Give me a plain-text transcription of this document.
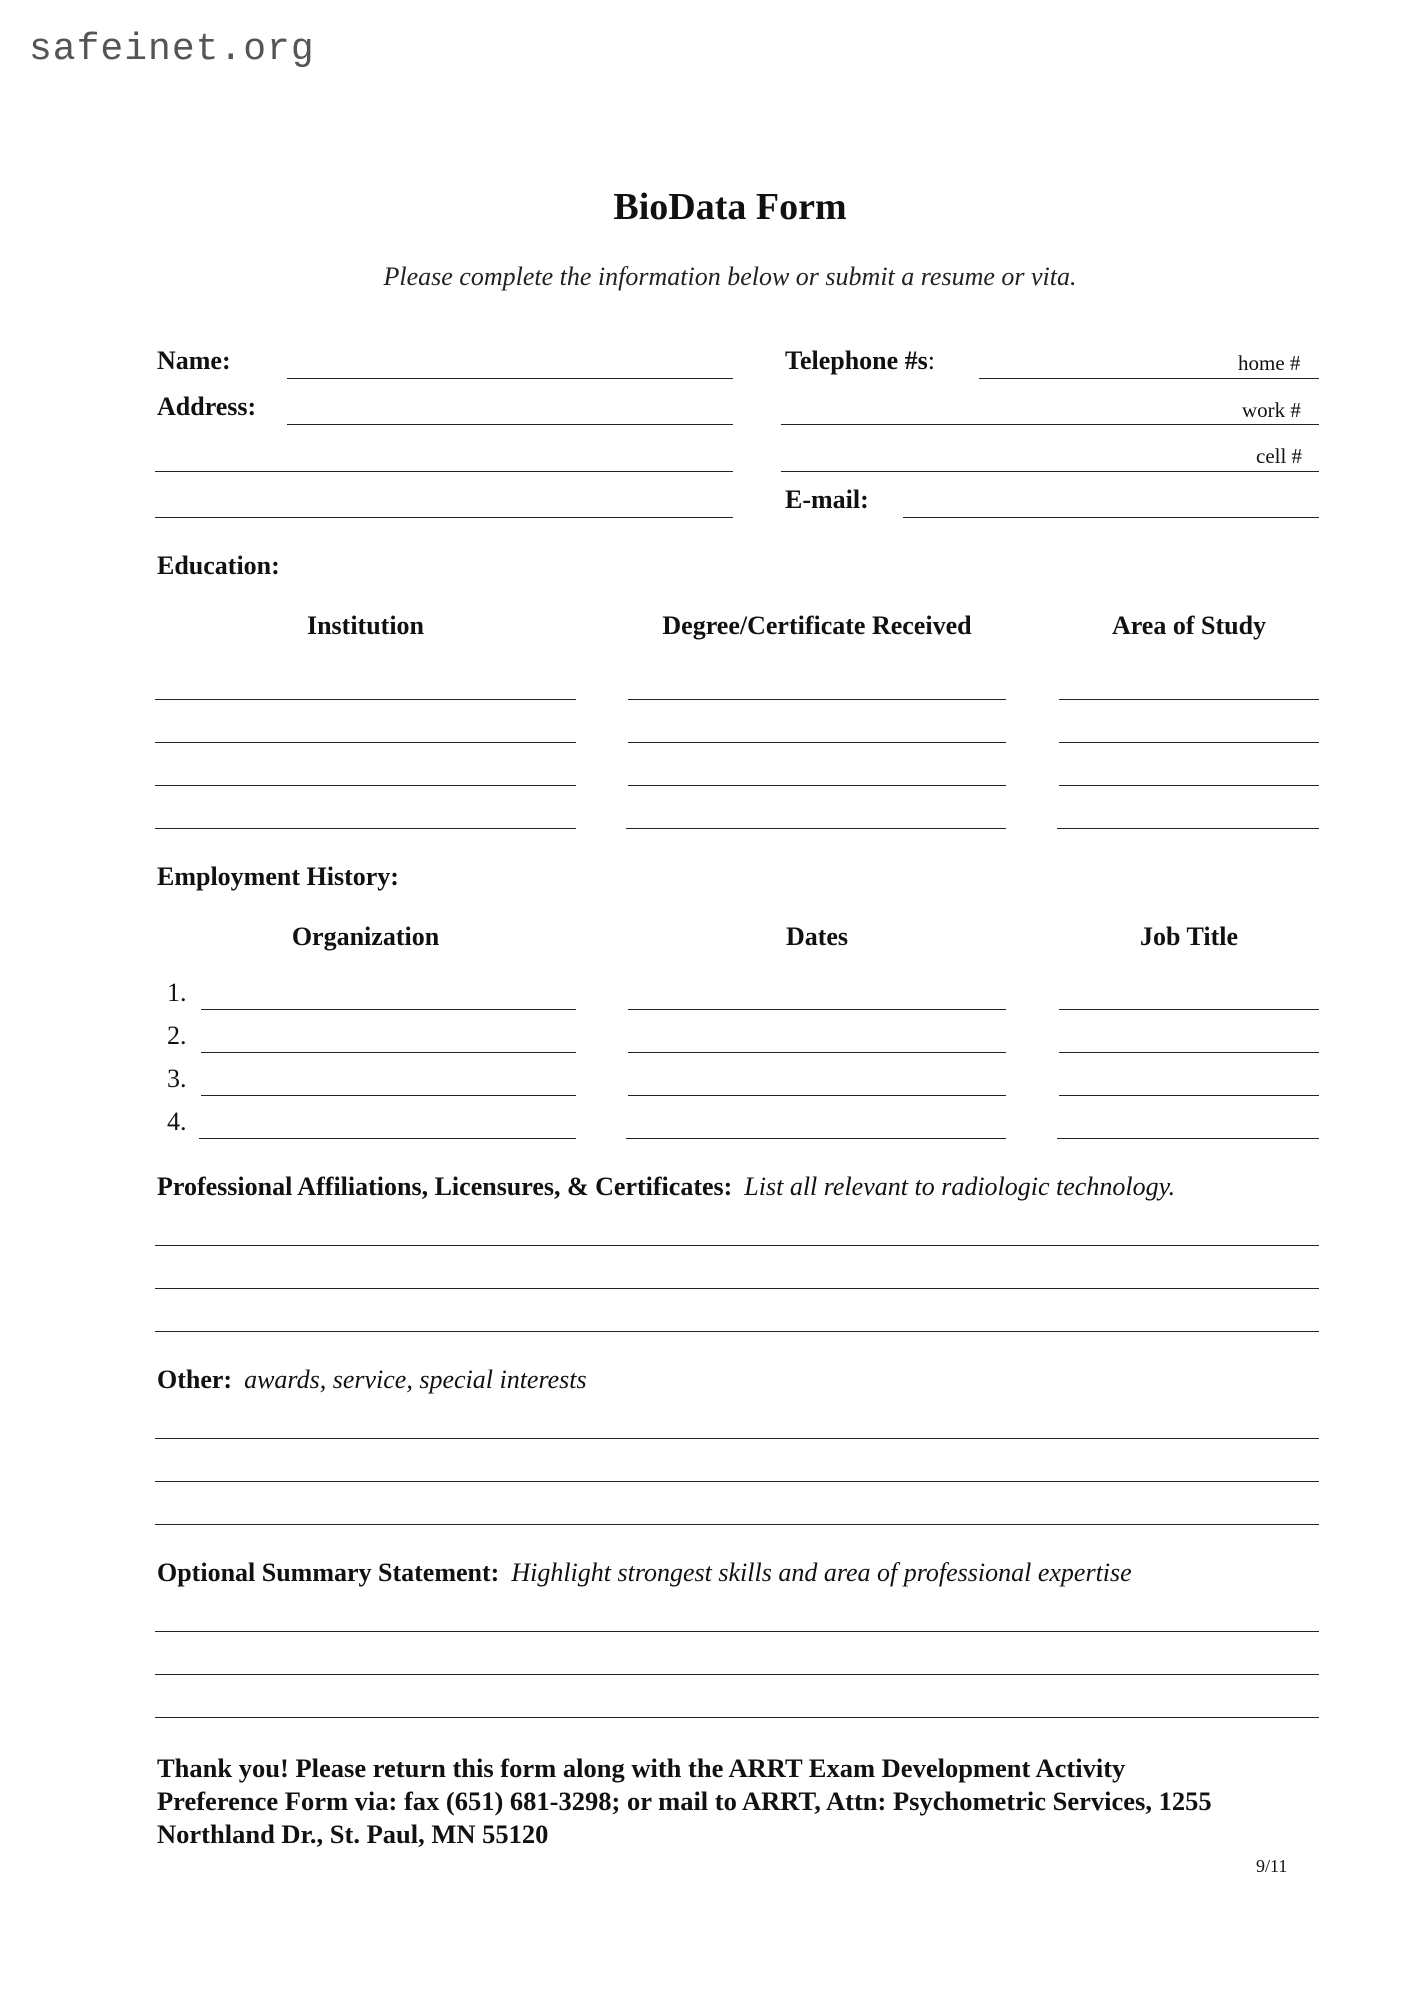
safeinet.org
BioData Form
Please complete the information below or submit a resume or vita.
Name:
Address:
Telephone #s:	home #
work #
cell #
E-mail:
Education:
Institution	Degree/Certificate Received	Area of Study
Employment History:
Organization	Dates	Job Title
1.
2.
3.
4.
Professional Affiliations, Licensures, & Certificates: List all relevant to radiologic technology.
Other: awards, service, special interests
Optional Summary Statement: Highlight strongest skills and area of professional expertise
Thank you! Please return this form along with the ARRT Exam Development Activity
Preference Form via: fax (651) 681-3298; or mail to ARRT, Attn: Psychometric Services, 1255
Northland Dr., St. Paul, MN 55120
9/11
